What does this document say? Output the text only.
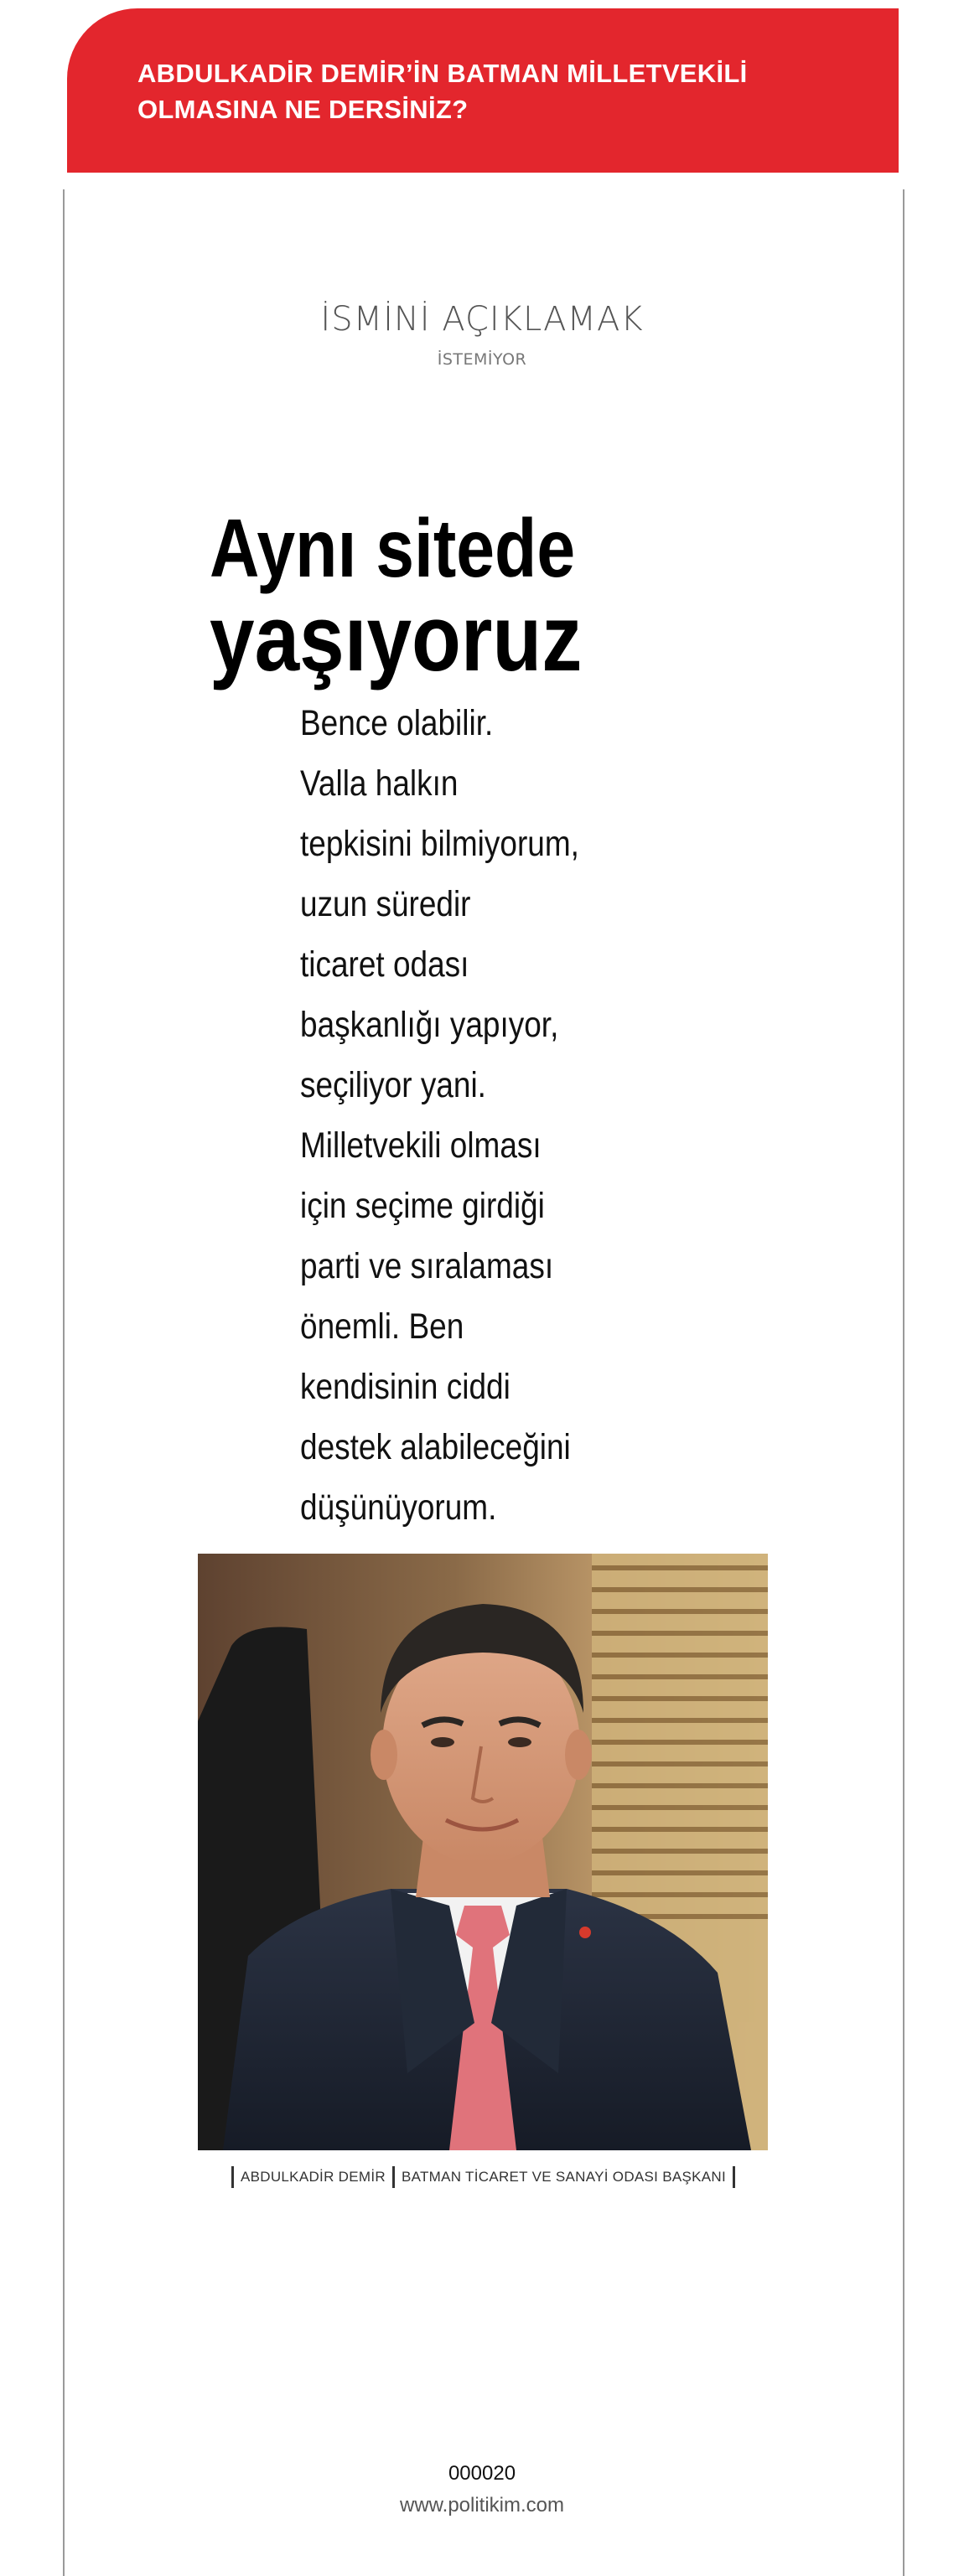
ABDULKADİR DEMİR’İN BATMAN MİLLETVEKİLİ
OLMASINA NE DERSİNİZ?
İSMİNİ AÇIKLAMAK
İSTEMİYOR
Aynı sitede
yaşıyoruz
Bence olabilir.
Valla halkın
tepkisini bilmiyorum,
uzun süredir
ticaret odası
başkanlığı yapıyor,
seçiliyor yani.
Milletvekili olması
için seçime girdiği
parti ve sıralaması
önemli. Ben
kendisinin ciddi
destek alabileceğini
düşünüyorum.
ABDULKADİR DEMİR BATMAN TİCARET VE SANAYİ ODASI BAŞKANI
000020
www.politikim.com
